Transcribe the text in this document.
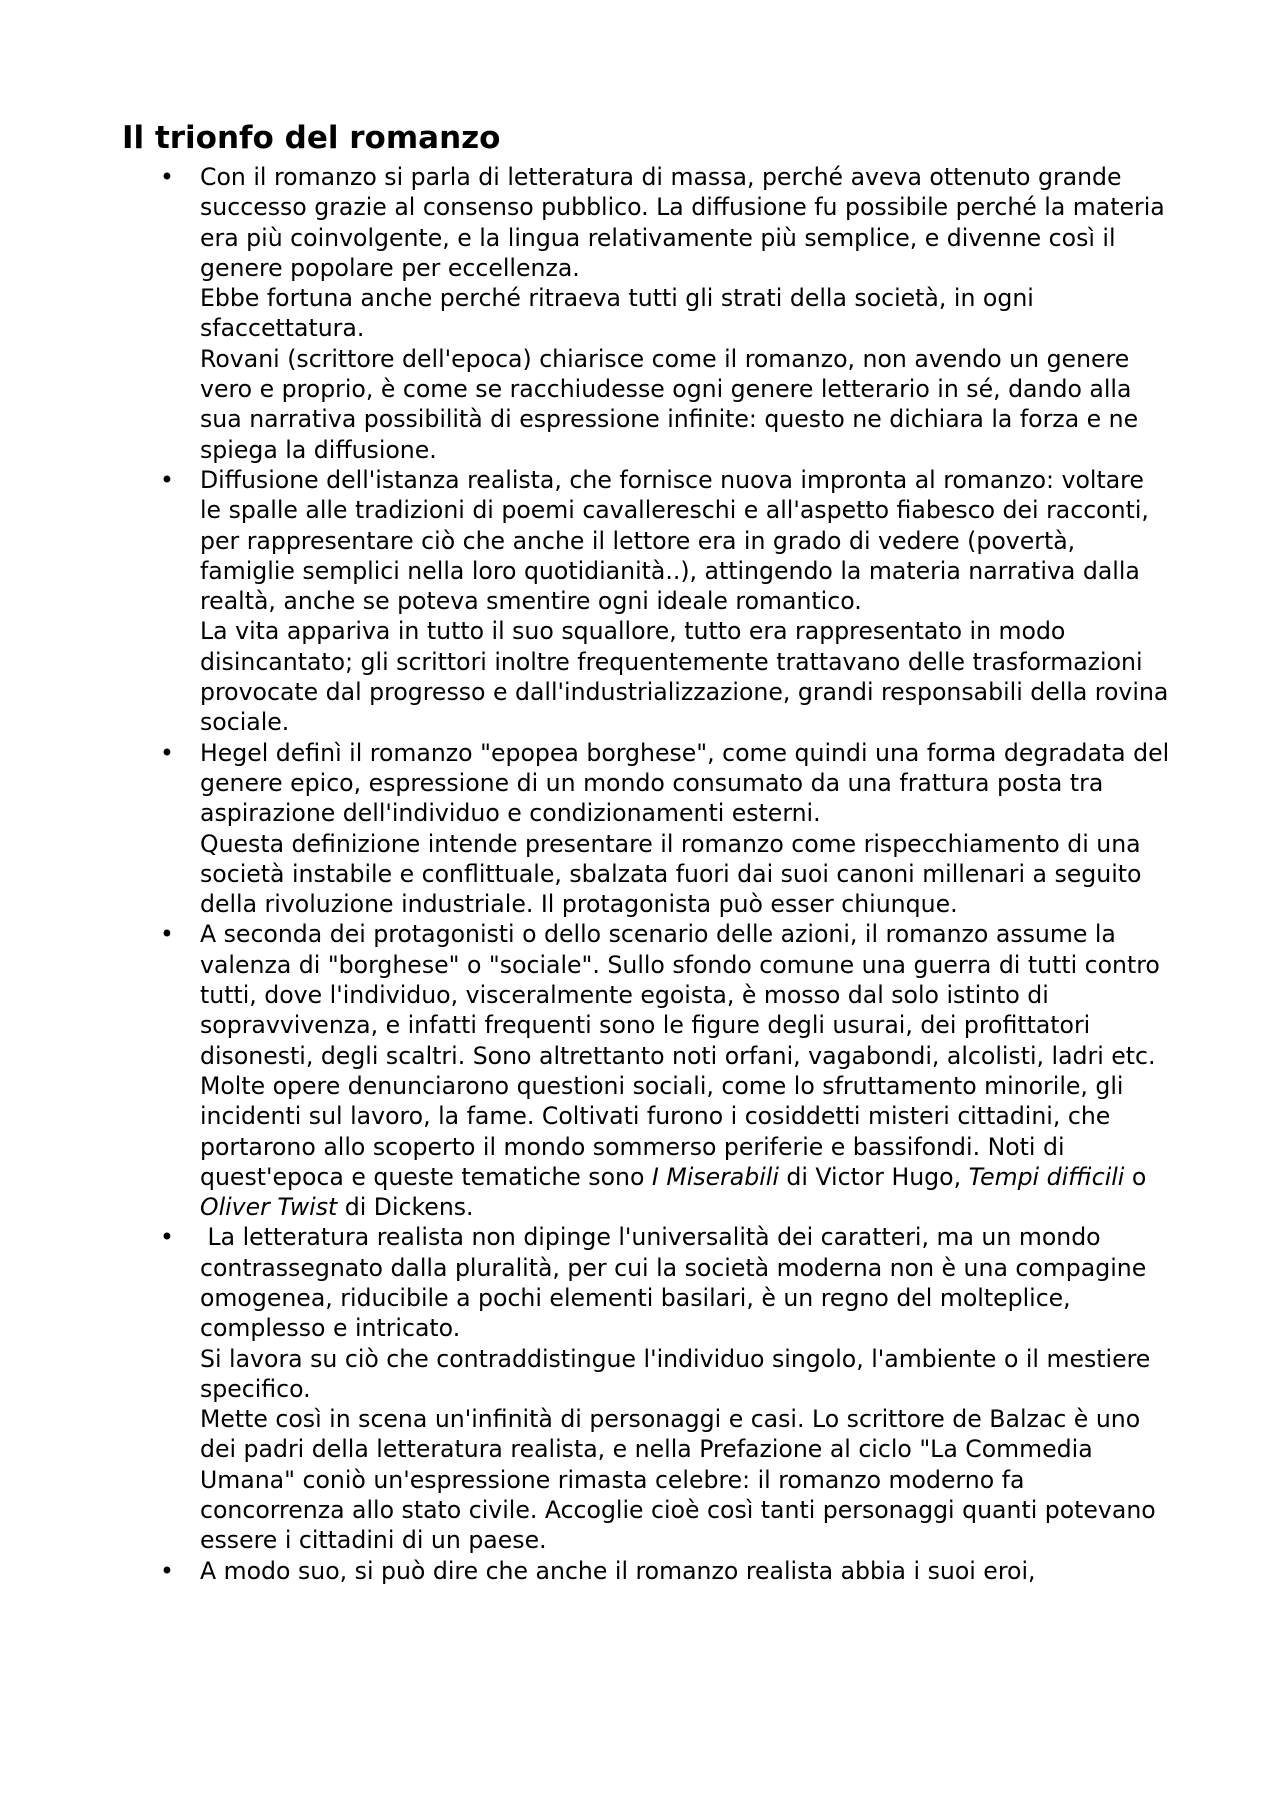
Il trionfo del romanzo
• Con il romanzo si parla di letteratura di massa, perché aveva ottenuto grande successo grazie al consenso pubblico. La diffusione fu possibile perché la materia era più coinvolgente, e la lingua relativamente più semplice, e divenne così il genere popolare per eccellenza.
Ebbe fortuna anche perché ritraeva tutti gli strati della società, in ogni sfaccettatura.
Rovani (scrittore dell'epoca) chiarisce come il romanzo, non avendo un genere vero e proprio, è come se racchiudesse ogni genere letterario in sé, dando alla sua narrativa possibilità di espressione infinite: questo ne dichiara la forza e ne spiega la diffusione.
• Diffusione dell'istanza realista, che fornisce nuova impronta al romanzo: voltare le spalle alle tradizioni di poemi cavallereschi e all'aspetto fiabesco dei racconti, per rappresentare ciò che anche il lettore era in grado di vedere (povertà, famiglie semplici nella loro quotidianità..), attingendo la materia narrativa dalla realtà, anche se poteva smentire ogni ideale romantico.
La vita appariva in tutto il suo squallore, tutto era rappresentato in modo disincantato; gli scrittori inoltre frequentemente trattavano delle trasformazioni provocate dal progresso e dall'industrializzazione, grandi responsabili della rovina sociale.
• Hegel definì il romanzo "epopea borghese", come quindi una forma degradata del genere epico, espressione di un mondo consumato da una frattura posta tra aspirazione dell'individuo e condizionamenti esterni.
Questa definizione intende presentare il romanzo come rispecchiamento di una società instabile e conflittuale, sbalzata fuori dai suoi canoni millenari a seguito della rivoluzione industriale. Il protagonista può esser chiunque.
• A seconda dei protagonisti o dello scenario delle azioni, il romanzo assume la valenza di "borghese" o "sociale". Sullo sfondo comune una guerra di tutti contro tutti, dove l'individuo, visceralmente egoista, è mosso dal solo istinto di sopravvivenza, e infatti frequenti sono le figure degli usurai, dei profittatori disonesti, degli scaltri. Sono altrettanto noti orfani, vagabondi, alcolisti, ladri etc. Molte opere denunciarono questioni sociali, come lo sfruttamento minorile, gli incidenti sul lavoro, la fame. Coltivati furono i cosiddetti misteri cittadini, che portarono allo scoperto il mondo sommerso periferie e bassifondi. Noti di quest'epoca e queste tematiche sono I Miserabili di Victor Hugo, Tempi difficili o Oliver Twist di Dickens.
• La letteratura realista non dipinge l'universalità dei caratteri, ma un mondo contrassegnato dalla pluralità, per cui la società moderna non è una compagine omogenea, riducibile a pochi elementi basilari, è un regno del molteplice, complesso e intricato.
Si lavora su ciò che contraddistingue l'individuo singolo, l'ambiente o il mestiere specifico.
Mette così in scena un'infinità di personaggi e casi. Lo scrittore de Balzac è uno dei padri della letteratura realista, e nella Prefazione al ciclo "La Commedia Umana" coniò un'espressione rimasta celebre: il romanzo moderno fa concorrenza allo stato civile. Accoglie cioè così tanti personaggi quanti potevano essere i cittadini di un paese.
• A modo suo, si può dire che anche il romanzo realista abbia i suoi eroi,
